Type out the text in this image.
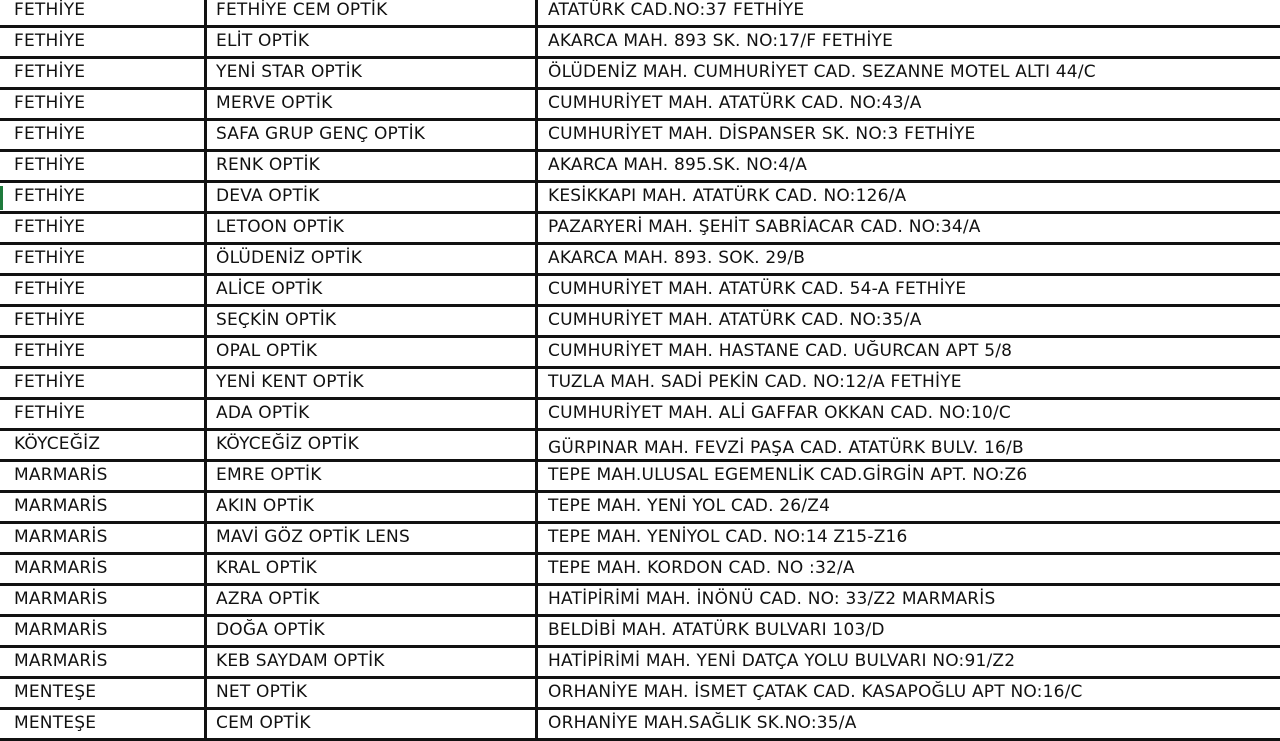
FETHİYE	FETHİYE CEM OPTİK	ATATÜRK CAD.NO:37 FETHİYE
FETHİYE	ELİT OPTİK	AKARCA MAH. 893 SK. NO:17/F FETHİYE
FETHİYE	YENİ STAR OPTİK	ÖLÜDENİZ MAH. CUMHURİYET CAD. SEZANNE MOTEL ALTI 44/C
FETHİYE	MERVE OPTİK	CUMHURİYET MAH. ATATÜRK CAD. NO:43/A
FETHİYE	SAFA GRUP GENÇ OPTİK	CUMHURİYET MAH. DİSPANSER SK. NO:3 FETHİYE
FETHİYE	RENK OPTİK	AKARCA MAH. 895.SK. NO:4/A
FETHİYE	DEVA OPTİK	KESİKKAPI MAH. ATATÜRK CAD. NO:126/A
FETHİYE	LETOON OPTİK	PAZARYERİ MAH. ŞEHİT SABRİACAR CAD. NO:34/A
FETHİYE	ÖLÜDENİZ OPTİK	AKARCA MAH. 893. SOK. 29/B
FETHİYE	ALİCE OPTİK	CUMHURİYET MAH. ATATÜRK CAD. 54-A FETHİYE
FETHİYE	SEÇKİN OPTİK	CUMHURİYET MAH. ATATÜRK CAD. NO:35/A
FETHİYE	OPAL OPTİK	CUMHURİYET MAH. HASTANE CAD. UĞURCAN APT 5/8
FETHİYE	YENİ KENT OPTİK	TUZLA MAH. SADİ PEKİN CAD. NO:12/A FETHİYE
FETHİYE	ADA OPTİK	CUMHURİYET MAH. ALİ GAFFAR OKKAN CAD. NO:10/C
KÖYCEĞİZ	KÖYCEĞİZ OPTİK	GÜRPINAR MAH. FEVZİ PAŞA CAD. ATATÜRK BULV. 16/B
MARMARİS	EMRE OPTİK	TEPE MAH.ULUSAL EGEMENLİK CAD.GİRGİN APT. NO:Z6
MARMARİS	AKIN OPTİK	TEPE MAH. YENİ YOL CAD. 26/Z4
MARMARİS	MAVİ GÖZ OPTİK LENS	TEPE MAH. YENİYOL CAD. NO:14 Z15-Z16
MARMARİS	KRAL OPTİK	TEPE MAH. KORDON CAD. NO :32/A
MARMARİS	AZRA OPTİK	HATİPİRİMİ MAH. İNÖNÜ CAD. NO: 33/Z2 MARMARİS
MARMARİS	DOĞA OPTİK	BELDİBİ MAH. ATATÜRK BULVARI 103/D
MARMARİS	KEB SAYDAM OPTİK	HATİPİRİMİ MAH. YENİ DATÇA YOLU BULVARI NO:91/Z2
MENTEŞE	NET OPTİK	ORHANİYE MAH. İSMET ÇATAK CAD. KASAPOĞLU APT NO:16/C
MENTEŞE	CEM OPTİK	ORHANİYE MAH.SAĞLIK SK.NO:35/A
